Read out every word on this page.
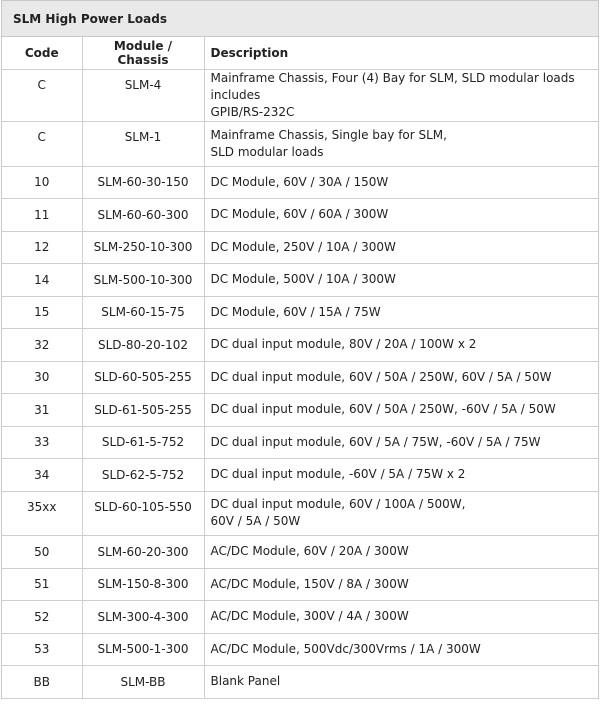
SLM High Power Loads
Code	Module / Chassis	Description
C	SLM-4	Mainframe Chassis, Four (4) Bay for SLM, SLD modular loads includes
GPIB/RS-232C
C	SLM-1	Mainframe Chassis, Single bay for SLM,
SLD modular loads
10	SLM-60-30-150	DC Module, 60V / 30A / 150W
11	SLM-60-60-300	DC Module, 60V / 60A / 300W
12	SLM-250-10-300	DC Module, 250V / 10A / 300W
14	SLM-500-10-300	DC Module, 500V / 10A / 300W
15	SLM-60-15-75	DC Module, 60V / 15A / 75W
32	SLD-80-20-102	DC dual input module, 80V / 20A / 100W x 2
30	SLD-60-505-255	DC dual input module, 60V / 50A / 250W, 60V / 5A / 50W
31	SLD-61-505-255	DC dual input module, 60V / 50A / 250W, -60V / 5A / 50W
33	SLD-61-5-752	DC dual input module, 60V / 5A / 75W, -60V / 5A / 75W
34	SLD-62-5-752	DC dual input module, -60V / 5A / 75W x 2
35xx	SLD-60-105-550	DC dual input module, 60V / 100A / 500W,
60V / 5A / 50W
50	SLM-60-20-300	AC/DC Module, 60V / 20A / 300W
51	SLM-150-8-300	AC/DC Module, 150V / 8A / 300W
52	SLM-300-4-300	AC/DC Module, 300V / 4A / 300W
53	SLM-500-1-300	AC/DC Module, 500Vdc/300Vrms / 1A / 300W
BB	SLM-BB	Blank Panel
